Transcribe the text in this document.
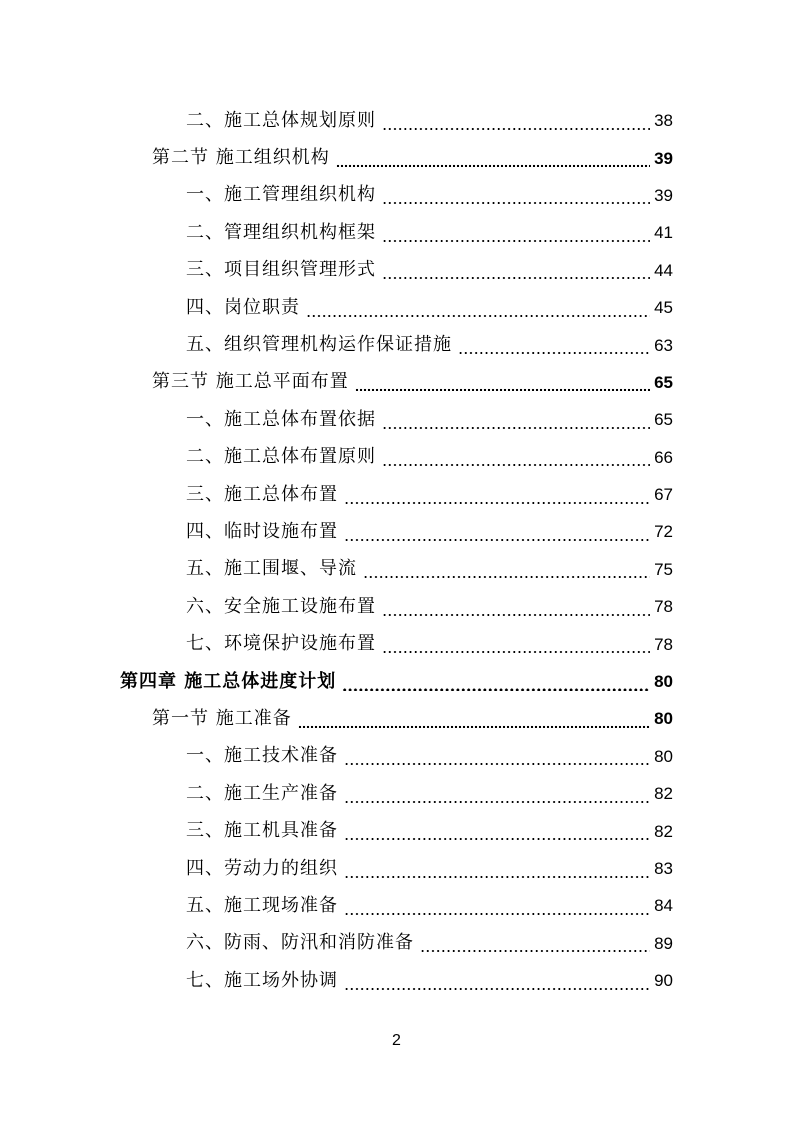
二、施工总体规划原则	38
第二节 施工组织机构	39
一、施工管理组织机构	39
二、管理组织机构框架	41
三、项目组织管理形式	44
四、岗位职责	45
五、组织管理机构运作保证措施	63
第三节 施工总平面布置	65
一、施工总体布置依据	65
二、施工总体布置原则	66
三、施工总体布置	67
四、临时设施布置	72
五、施工围堰、导流	75
六、安全施工设施布置	78
七、环境保护设施布置	78
第四章 施工总体进度计划	80
第一节 施工准备	80
一、施工技术准备	80
二、施工生产准备	82
三、施工机具准备	82
四、劳动力的组织	83
五、施工现场准备	84
六、防雨、防汛和消防准备	89
七、施工场外协调	90
2
